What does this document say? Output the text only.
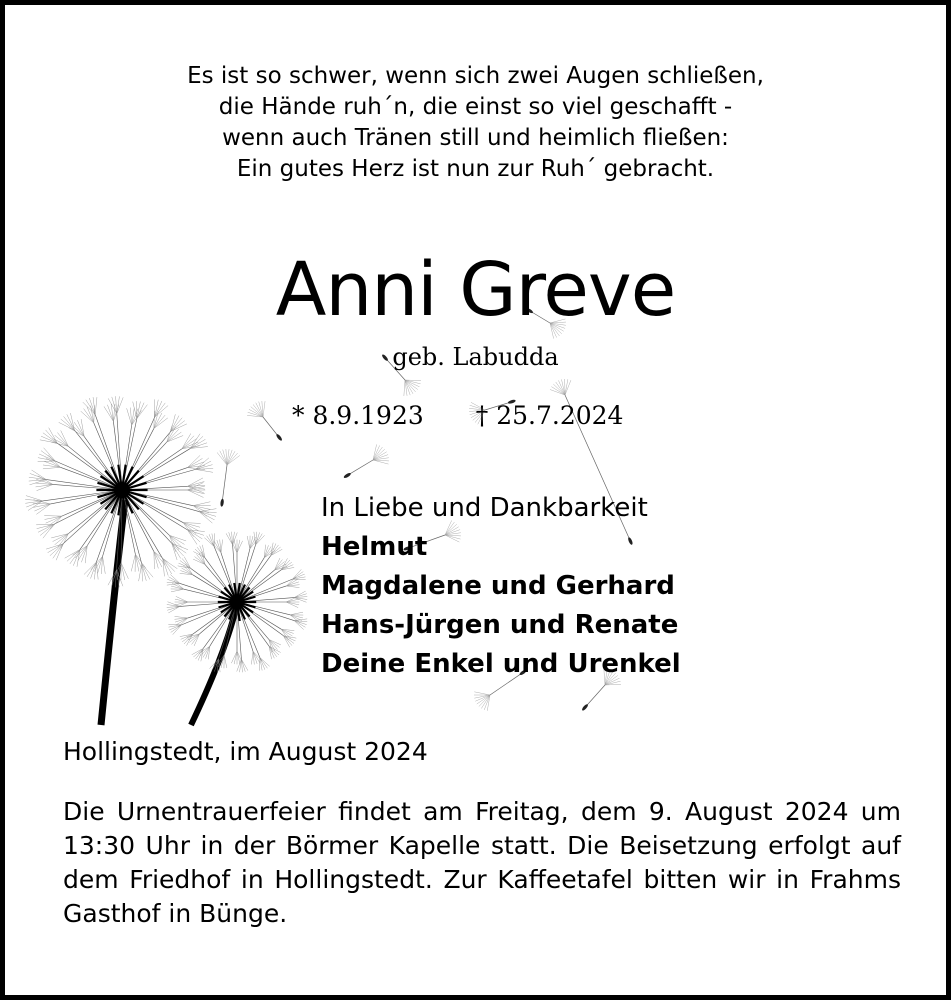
Es ist so schwer, wenn sich zwei Augen schließen,
die Hände ruh´n, die einst so viel geschafft -
wenn auch Tränen still und heimlich fließen:
Ein gutes Herz ist nun zur Ruh´ gebracht.
Anni Greve
geb. Labudda
* 8.9.1923 † 25.7.2024
In Liebe und Dankbarkeit
Helmut
Magdalene und Gerhard
Hans-Jürgen und Renate
Deine Enkel und Urenkel
Hollingstedt, im August 2024
Die Urnentrauerfeier findet am Freitag, dem 9. August 2024 um 13:30 Uhr in der Börmer Kapelle statt. Die Beisetzung erfolgt auf dem Friedhof in Hollingstedt. Zur Kaffeetafel bitten wir in Frahms Gasthof in Bünge.
